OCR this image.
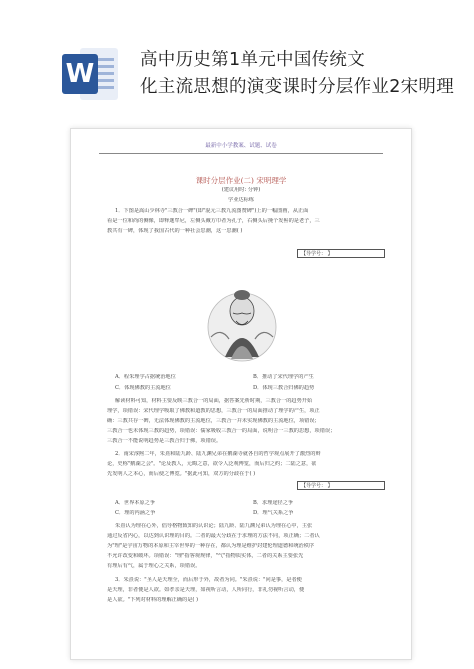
W	高中历史第1单元中国传统文
化主流思想的演变课时分层作业2宋明理
最新中小学教案、试题、试卷
课时分层作业(二) 宋明理学
(建议用时: 分钟)
学业达标练
1．下图是嵩山少林寺"三教合一碑"(即"混元三教九流图赞碑")上的一幅图画，从正面
看是一位和尚的侧像，即释迦牟尼，左侧头戴方巾者为孔子，右侧头后挽个发髻的是老子，三
教共有一碑，体现了我国古代的一种社会思潮，这一思潮( )
【导学号： 】
A．程朱理学占据统治地位	B．推动了宋代理学的产生
C．体现佛教的主流地位	D．体现三教合归佛的趋势
解读材料可知，材料主要反映三教合一的局面，据答案先析时期，三教合一的趋势开始
理学，项错误：宋代理学吸取了佛教和道教的思想，三教合一的局面推动了理学的产生，项正
确：三教共存一碑，无法体现佛教的主流地位，三教合一并未实现佛教的主流地位，项错误；
三教合一也未体现三教的趋势，项错误：儒家吸收三教合一的局面，说明合一三教的思想，项错误；
三教合一不能说明趋势是三教合归于佛，项错误。
2．南宋淳熙二年，朱熹和陆九龄、陆九渊兄弟在鹅湖寺就各自的哲学观点展开了激烈的辩
论，史称"鹅湖之会"。"论及教人，元晦之意，欲令人泛观博览，而后归之约；二陆之意，欲
先发明人之本心，而后使之博览。"据此可知，双方的分歧在于( )
【导学号： 】
A．世界本原之争	B．求理途径之争
C．理的内涵之争	D．理气关系之争
朱熹认为理在心外，倡导格物致知的认识论；陆九龄、陆九渊兄弟认为理在心中，主张
通过反省内心，以达到认识理的目的。二者的最大分歧在于求理的方法不同，项正确；二者认
为"理"是宇宙万物的本原和主宰世界的一种存在，都认为理是维护封建伦理道德和统治秩序
不允许改变和破坏。项错误："理"指客观规律，"气"指物质实体，二者的关系主要张先
有理后有气，属于理心之关系，项错误。
3．朱熹说："圣人是天理全，而后形于外，故者为同。"朱熹说："问是事，是者便
是天理，非者便是人欲。如孝亲是天理，如视听言动，人所同行，非礼勿视听言动，便
是人欲。"下列对材料的理解正确的是( )
